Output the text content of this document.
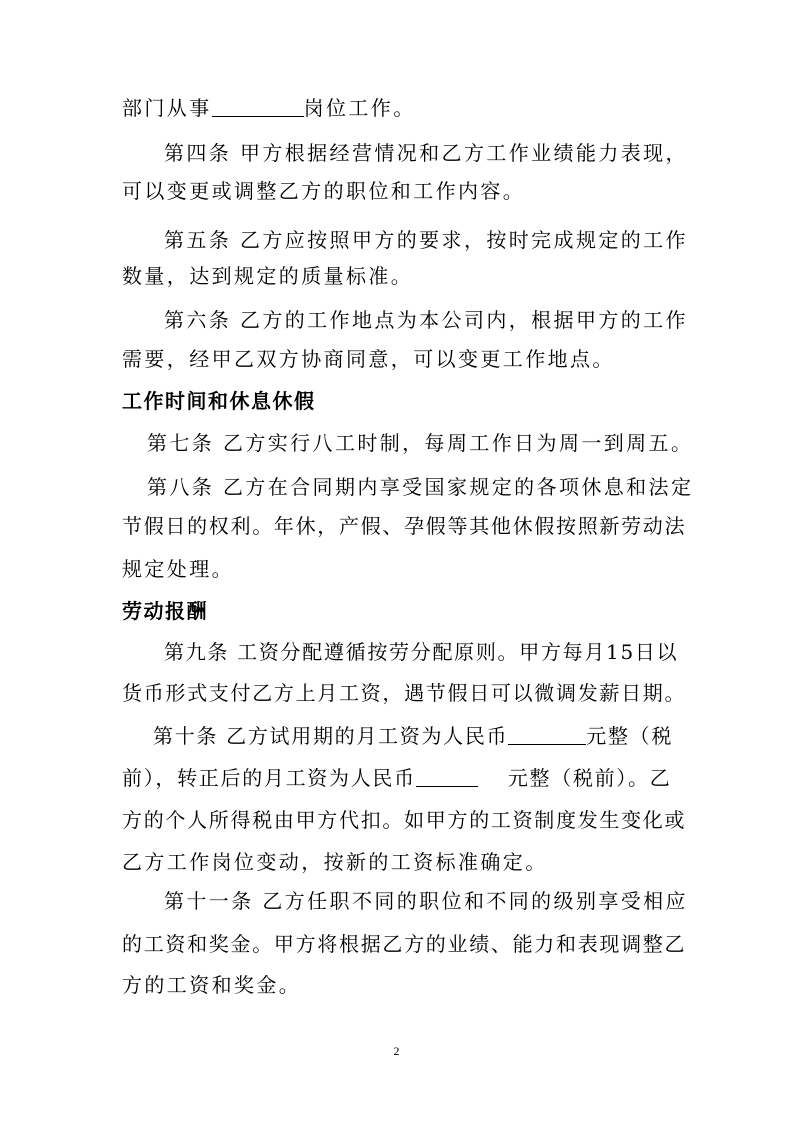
部门从事	岗位工作。
第四条 甲方根据经营情况和乙方工作业绩能力表现，
可以变更或调整乙方的职位和工作内容。
第五条 乙方应按照甲方的要求，按时完成规定的工作
数量，达到规定的质量标准。
第六条 乙方的工作地点为本公司内，根据甲方的工作
需要，经甲乙双方协商同意，可以变更工作地点。
工作时间和休息休假
第七条 乙方实行八工时制，每周工作日为周一到周五。
第八条 乙方在合同期内享受国家规定的各项休息和法定
节假日的权利。年休，产假、孕假等其他休假按照新劳动法
规定处理。
劳动报酬
第九条 工资分配遵循按劳分配原则。甲方每月15日以
货币形式支付乙方上月工资，遇节假日可以微调发薪日期。
第十条 乙方试用期的月工资为人民币	元整（税
前），转正后的月工资为人民币	元整（税前）。乙
方的个人所得税由甲方代扣。如甲方的工资制度发生变化或
乙方工作岗位变动，按新的工资标准确定。
第十一条 乙方任职不同的职位和不同的级别享受相应
的工资和奖金。甲方将根据乙方的业绩、能力和表现调整乙
方的工资和奖金。
2
